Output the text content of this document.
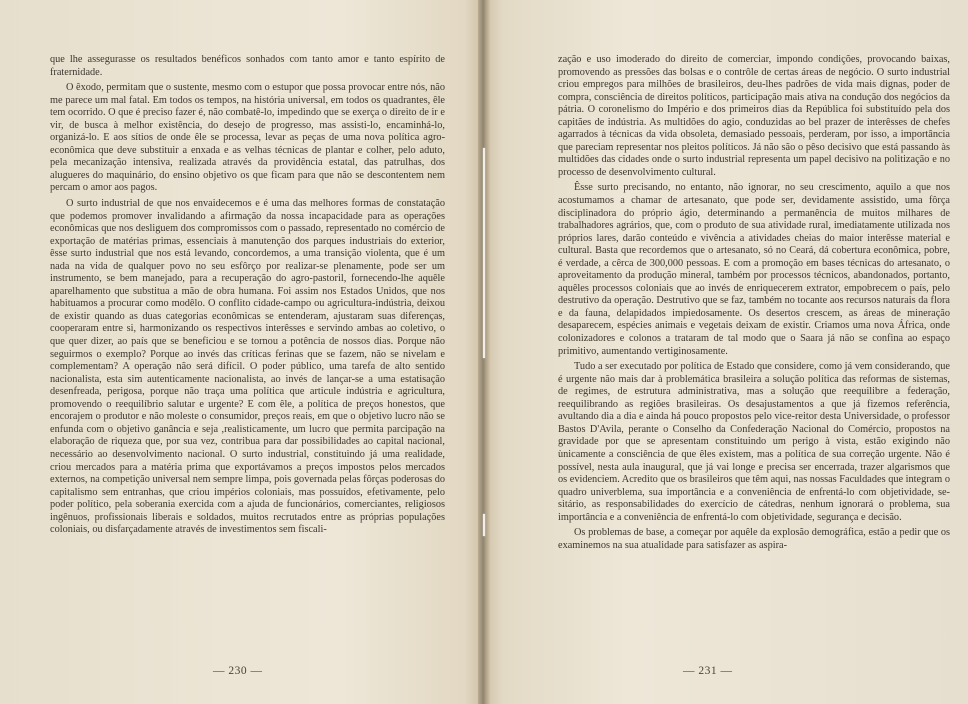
que lhe assegurasse os resultados benéficos sonhados com tanto amor e tanto espírito de fraternidade.

O êxodo, permitam que o sustente, mesmo com o estupor que possa provocar entre nós, não me parece um mal fatal. Em todos os tempos, na história universal, em todos os quadrantes, êle tem ocorrido. O que é preciso fazer é, não combatê-lo, impedindo que se exerça o direito de ir e vir, de busca à melhor existência, do desejo de progresso, mas assisti-lo, encaminhá-lo, organizá-lo. E aos sítios de onde êle se processa, levar as peças de uma nova política agro-econômica que deve substituir a enxada e as velhas técnicas de plantar e colher, pelo aduto, pela mecanização intensiva, realizada através da providência estatal, das patrulhas, dos alugueres do maquinário, do ensino objetivo os que ficam para que não se descontentem nem percam o amor aos pagos.

O surto industrial de que nos envaidecemos e é uma das melhores formas de constatação que podemos promover invalidando a afirmação da nossa incapacidade para as operações econômicas que nos desliguem dos compromissos com o passado, representado no comércio de exportação de matérias primas, essenciais à manutenção dos parques industriais do exterior, êsse surto industrial que nos está levando, concordemos, a uma transição violenta, que é um nada na vida de qualquer povo no seu esfôrço por realizar-se plenamente, pode ser um instrumento, se bem manejado, para a recuperação do agro-pastoril, fornecendo-lhe aquêle aparelhamento que substitua a mão de obra humana. Foi assim nos Estados Unidos, que nos habituamos a procurar como modêlo. O conflito cidade-campo ou agricultura-indústria, deixou de existir quando as duas categorias econômicas se entenderam, ajustaram suas diferenças, cooperaram entre si, harmonizando os respectivos interêsses e servindo ambas ao coletivo, o que quer dizer, ao país que se beneficiou e se tornou a potência de nossos dias. Porque não seguirmos o exemplo? Porque ao invés das críticas ferinas que se fazem, não se nivelam e complementam? A operação não será difícil. O poder público, uma tarefa de alto sentido nacionalista, esta sim autenticamente nacionalista, ao invés de lançar-se a uma estatisação desenfreada, perigosa, porque não traça uma política que articule indústria e agricultura, promovendo o reequilíbrio salutar e urgente? E com êle, a política de preços honestos, que encorajem o produtor e não moleste o consumidor, preços reais, em que o objetivo lucro não se enfunda com o objetivo ganância e seja ,realisticamente, um lucro que permita parcipação na elaboração de riqueza que, por sua vez, contribua para dar possibilidades ao capital nacional, necessário ao desenvolvimento nacional. O surto industrial, constituindo já uma realidade, criou mercados para a matéria prima que exportávamos a preços impostos pelos mercados externos, na competição universal nem sempre limpa, pois governada pelas fôrças poderosas do capitalismo sem entranhas, que criou impérios coloniais, mas possuídos, efetivamente, pelo poder político, pela soberania exercida com a ajuda de funcionários, comerciantes, religiosos ingênuos, profissionais liberais e soldados, muitos recrutados entre as próprias populações coloniais, ou disfarçadamente através de investimentos sem fiscali-

— 230 —

zação e uso imoderado do direito de comerciar, impondo condições, provocando baixas, promovendo as pressões das bolsas e o contrôle de certas áreas de negócio. O surto industrial criou empregos para milhões de brasileiros, deu-lhes padrões de vida mais dignas, poder de compra, consciência de direitos políticos, participação mais ativa na condução dos negócios da pátria. O coronelismo do Império e dos primeiros dias da República foi substituído pela dos capitães de indústria. As multidões do agio, conduzidas ao bel prazer de interêsses de chefes agarrados à técnicas da vida obsoleta, demasiado pessoais, perderam, por isso, a importância que pareciam representar nos pleitos políticos. Já não são o pêso decisivo que está passando às multidões das cidades onde o surto industrial representa um papel decisivo na politização e no processo de desenvolvimento cultural.

Êsse surto precisando, no entanto, não ignorar, no seu crescimento, aquilo a que nos acostumamos a chamar de artesanato, que pode ser, devidamente assistido, uma fôrça disciplinadora do próprio ágio, determinando a permanência de muitos milhares de trabalhadores agrários, que, com o produto de sua atividade rural, imediatamente utilizada nos próprios lares, darão conteúdo e vivência a atividades cheias do maior interêsse material e cultural. Basta que recordemos que o artesanato, só no Ceará, dá cobertura econômica, pobre, é verdade, a cêrca de 300,000 pessoas. E com a promoção em bases técnicas do artesanato, o aproveitamento da produção mineral, também por processos técnicos, abandonados, portanto, aquêles processos coloniais que ao invés de enriquecerem extrator, empobrecem o país, pelo destrutivo da operação. Destrutivo que se faz, também no tocante aos recursos naturais da flora e da fauna, delapidados impiedosamente. Os desertos crescem, as áreas de mineração desaparecem, espécies animais e vegetais deixam de existir. Criamos uma nova África, onde colonizadores e colonos a trataram de tal modo que o Saara já não se confina ao espaço primitivo, aumentando vertiginosamente.

Tudo a ser executado por política de Estado que considere, como já vem considerando, que é urgente não mais dar à problemática brasileira a solução política das reformas de sistemas, de regimes, de estrutura administrativa, mas a solução que reequilibre a federação, reequilibrando as regiões brasileiras. Os desajustamentos a que já fizemos referência, avultando dia a dia e ainda há pouco propostos pelo vice-reitor desta Universidade, o professor Bastos D'Avila, perante o Conselho da Confederação Nacional do Comércio, propostos na gravidade por que se apresentam constituindo um perigo à vista, estão exigindo não ùnicamente a consciência de que êles existem, mas a política de sua correção urgente. Não é possível, nesta aula inaugural, que já vai longe e precisa ser encerrada, trazer algarismos que os evidenciem. Acredito que os brasileiros que têm aqui, nas nossas Faculdades que integram o quadro univerblema, sua importância e a conveniência de enfrentá-lo com objetividade, se-sitário, as responsabilidades do exercício de cátedras, nenhum ignorará o problema, sua importância e a conveniência de enfrentá-lo com objetividade, segurança e decisão.

Os problemas de base, a começar por aquêle da explosão demográfica, estão a pedir que os examinemos na sua atualidade para satisfazer as aspira-

— 231 —
